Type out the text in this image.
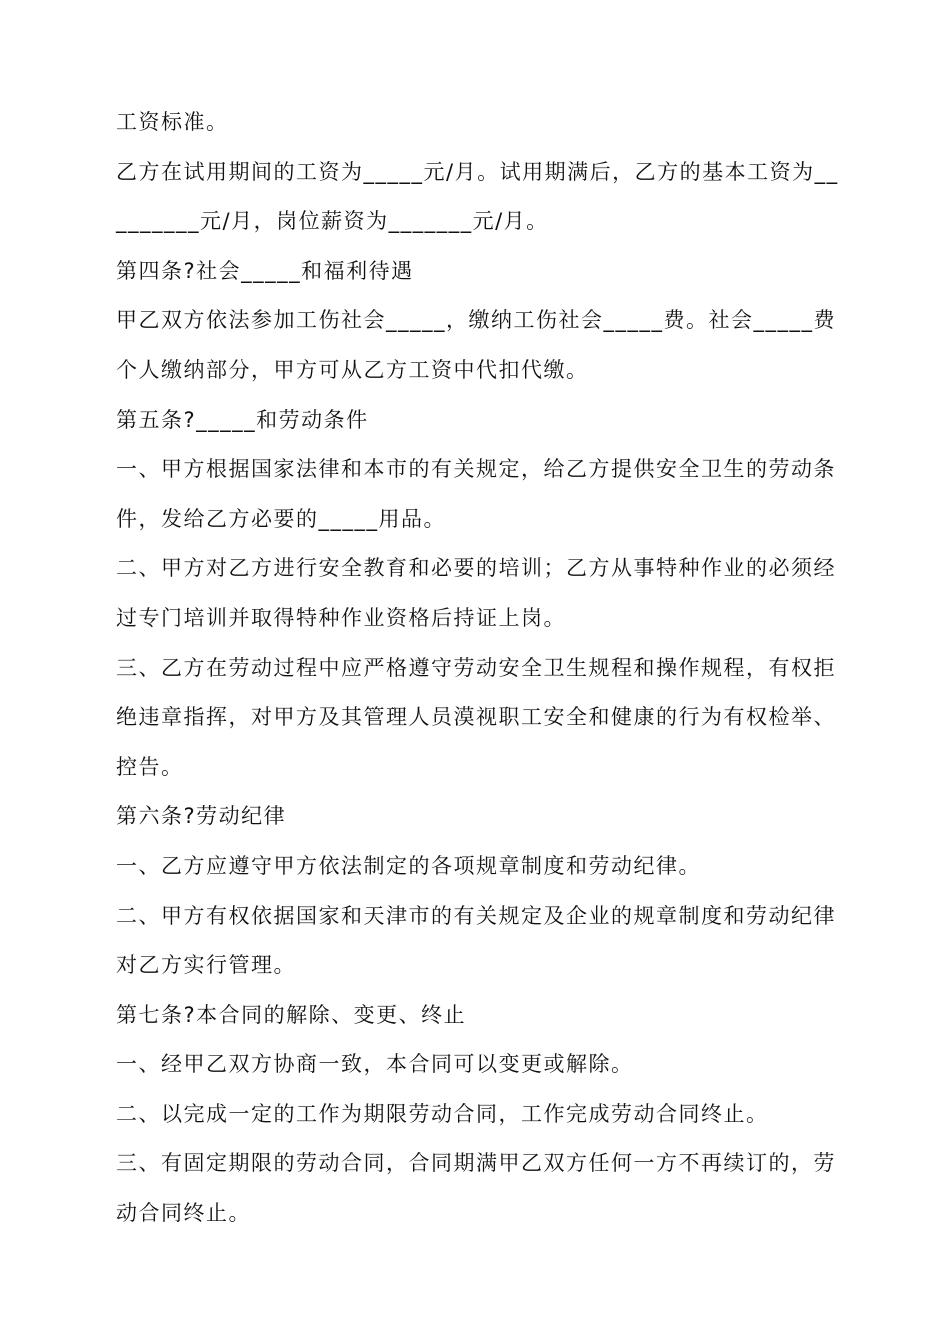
工资标准。
乙方在试用期间的工资为_____元/月。试用期满后，乙方的基本工资为__
_______元/月，岗位薪资为_______元/月。
第四条?社会_____和福利待遇
甲乙双方依法参加工伤社会_____，缴纳工伤社会_____费。社会_____费
个人缴纳部分，甲方可从乙方工资中代扣代缴。
第五条?_____和劳动条件
一、甲方根据国家法律和本市的有关规定，给乙方提供安全卫生的劳动条
件，发给乙方必要的_____用品。
二、甲方对乙方进行安全教育和必要的培训；乙方从事特种作业的必须经
过专门培训并取得特种作业资格后持证上岗。
三、乙方在劳动过程中应严格遵守劳动安全卫生规程和操作规程，有权拒
绝违章指挥，对甲方及其管理人员漠视职工安全和健康的行为有权检举、
控告。
第六条?劳动纪律
一、乙方应遵守甲方依法制定的各项规章制度和劳动纪律。
二、甲方有权依据国家和天津市的有关规定及企业的规章制度和劳动纪律
对乙方实行管理。
第七条?本合同的解除、变更、终止
一、经甲乙双方协商一致，本合同可以变更或解除。
二、以完成一定的工作为期限劳动合同，工作完成劳动合同终止。
三、有固定期限的劳动合同，合同期满甲乙双方任何一方不再续订的，劳
动合同终止。
